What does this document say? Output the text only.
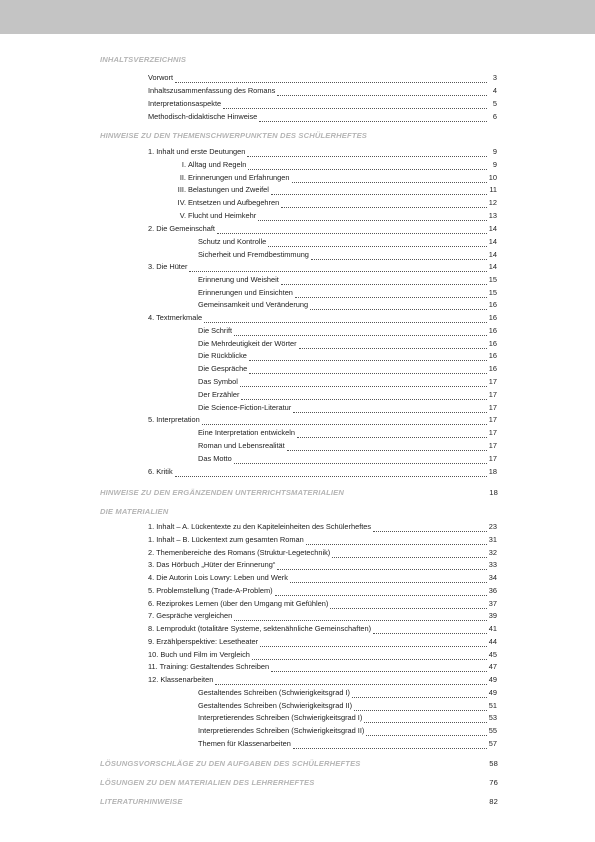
INHALTSVERZEICHNIS
HINWEISE ZU DEN THEMENSCHWERPUNKTEN DES SCHÜLERHEFTES
HINWEISE ZU DEN ERGÄNZENDEN UNTERRICHTSMATERIALIEN	18
DIE MATERIALIEN
LÖSUNGSVORSCHLÄGE ZU DEN AUFGABEN DES SCHÜLERHEFTES	58
LÖSUNGEN ZU DEN MATERIALIEN DES LEHRERHEFTES	76
LITERATURHINWEISE	82
Vorwort	3
Inhaltszusammenfassung des Romans	4
Interpretationsaspekte	5
Methodisch-didaktische Hinweise	6
1. Inhalt und erste Deutungen	9
I. Alltag und Regeln	9
II. Erinnerungen und Erfahrungen	10
III. Belastungen und Zweifel	11
IV. Entsetzen und Aufbegehren	12
V. Flucht und Heimkehr	13
2. Die Gemeinschaft	14
Schutz und Kontrolle	14
Sicherheit und Fremdbestimmung	14
3. Die Hüter	14
Erinnerung und Weisheit	15
Erinnerungen und Einsichten	15
Gemeinsamkeit und Veränderung	16
4. Textmerkmale	16
Die Schrift	16
Die Mehrdeutigkeit der Wörter	16
Die Rückblicke	16
Die Gespräche	16
Das Symbol	17
Der Erzähler	17
Die Science-Fiction-Literatur	17
5. Interpretation	17
Eine Interpretation entwickeln	17
Roman und Lebensrealität	17
Das Motto	17
6. Kritik	18
1. Inhalt – A. Lückentexte zu den Kapiteleinheiten des Schülerheftes	23
1. Inhalt – B. Lückentext zum gesamten Roman	31
2. Themenbereiche des Romans (Struktur-Legetechnik)	32
3. Das Hörbuch „Hüter der Erinnerung“	33
4. Die Autorin Lois Lowry: Leben und Werk	34
5. Problemstellung (Trade-A-Problem)	36
6. Reziprokes Lernen (über den Umgang mit Gefühlen)	37
7. Gespräche vergleichen	39
8. Lernprodukt (totalitäre Systeme, sektenähnliche Gemeinschaften)	41
9. Erzählperspektive: Lesetheater	44
10. Buch und Film im Vergleich	45
11. Training: Gestaltendes Schreiben	47
12. Klassenarbeiten	49
Gestaltendes Schreiben (Schwierigkeitsgrad I)	49
Gestaltendes Schreiben (Schwierigkeitsgrad II)	51
Interpretierendes Schreiben (Schwierigkeitsgrad I)	53
Interpretierendes Schreiben (Schwierigkeitsgrad II)	55
Themen für Klassenarbeiten	57
